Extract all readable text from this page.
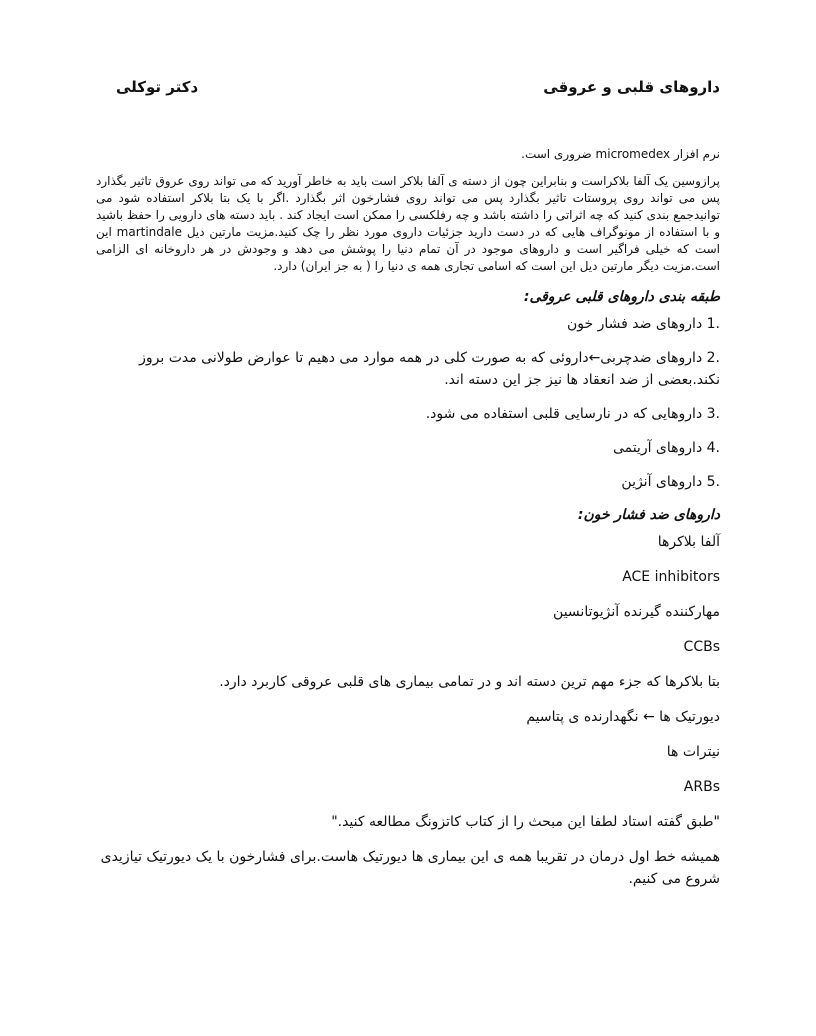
داروهای قلبی و عروقی
دکتر توکلی

نرم افزار micromedex ضروری است.

پرازوسین یک آلفا بلاکراست و بنابراین چون از دسته ی آلفا بلاکر است باید به خاطر آورید که می تواند روی عروق تاثیر بگذارد پس می تواند روی پروستات تاثیر بگذارد پس می تواند روی فشارخون اثر بگذارد .اگر با یک بتا بلاکر استفاده شود می توانیدجمع بندی کنید که چه اثراتی را داشته باشد و چه رفلکسی را ممکن است ایجاد کند . باید دسته های دارویی را حفظ باشید و با استفاده از مونوگراف هایی که در دست دارید جزئیات داروی مورد نظر را چک کنید.مزیت مارتین دیل martindale این است که خیلی فراگیر است و داروهای موجود در آن تمام دنیا را پوشش می دهد و وجودش در هر داروخانه ای الزامی است.مزیت دیگر مارتین دیل این است که اسامی تجاری همه ی دنیا را ( به جز ایران) دارد.

طبقه بندی داروهای قلبی عروقی:

1. داروهای ضد فشار خون

2. داروهای ضدچربی←داروئی که به صورت کلی در همه موارد می دهیم تا عوارض طولانی مدت بروز نکند.بعضی از ضد انعقاد ها نیز جز این دسته اند.

3. داروهایی که در نارسایی قلبی استفاده می شود.

4. داروهای آریتمی

5. داروهای آنژین

داروهای ضد فشار خون:

آلفا بلاکرها

ACE inhibitors

مهارکننده گیرنده آنژیوتانسین

CCBs

بتا بلاکرها که جزء مهم ترین دسته اند و در تمامی بیماری های قلبی عروقی کاربرد دارد.

دیورتیک ها ← نگهدارنده ی پتاسیم

نیترات ها

ARBs

"طبق گفته استاد لطفا این مبحث را از کتاب کاتزونگ مطالعه کنید."

همیشه خط اول درمان در تقریبا همه ی این بیماری ها دیورتیک هاست.برای فشارخون با یک دیورتیک تیازیدی شروع می کنیم.
